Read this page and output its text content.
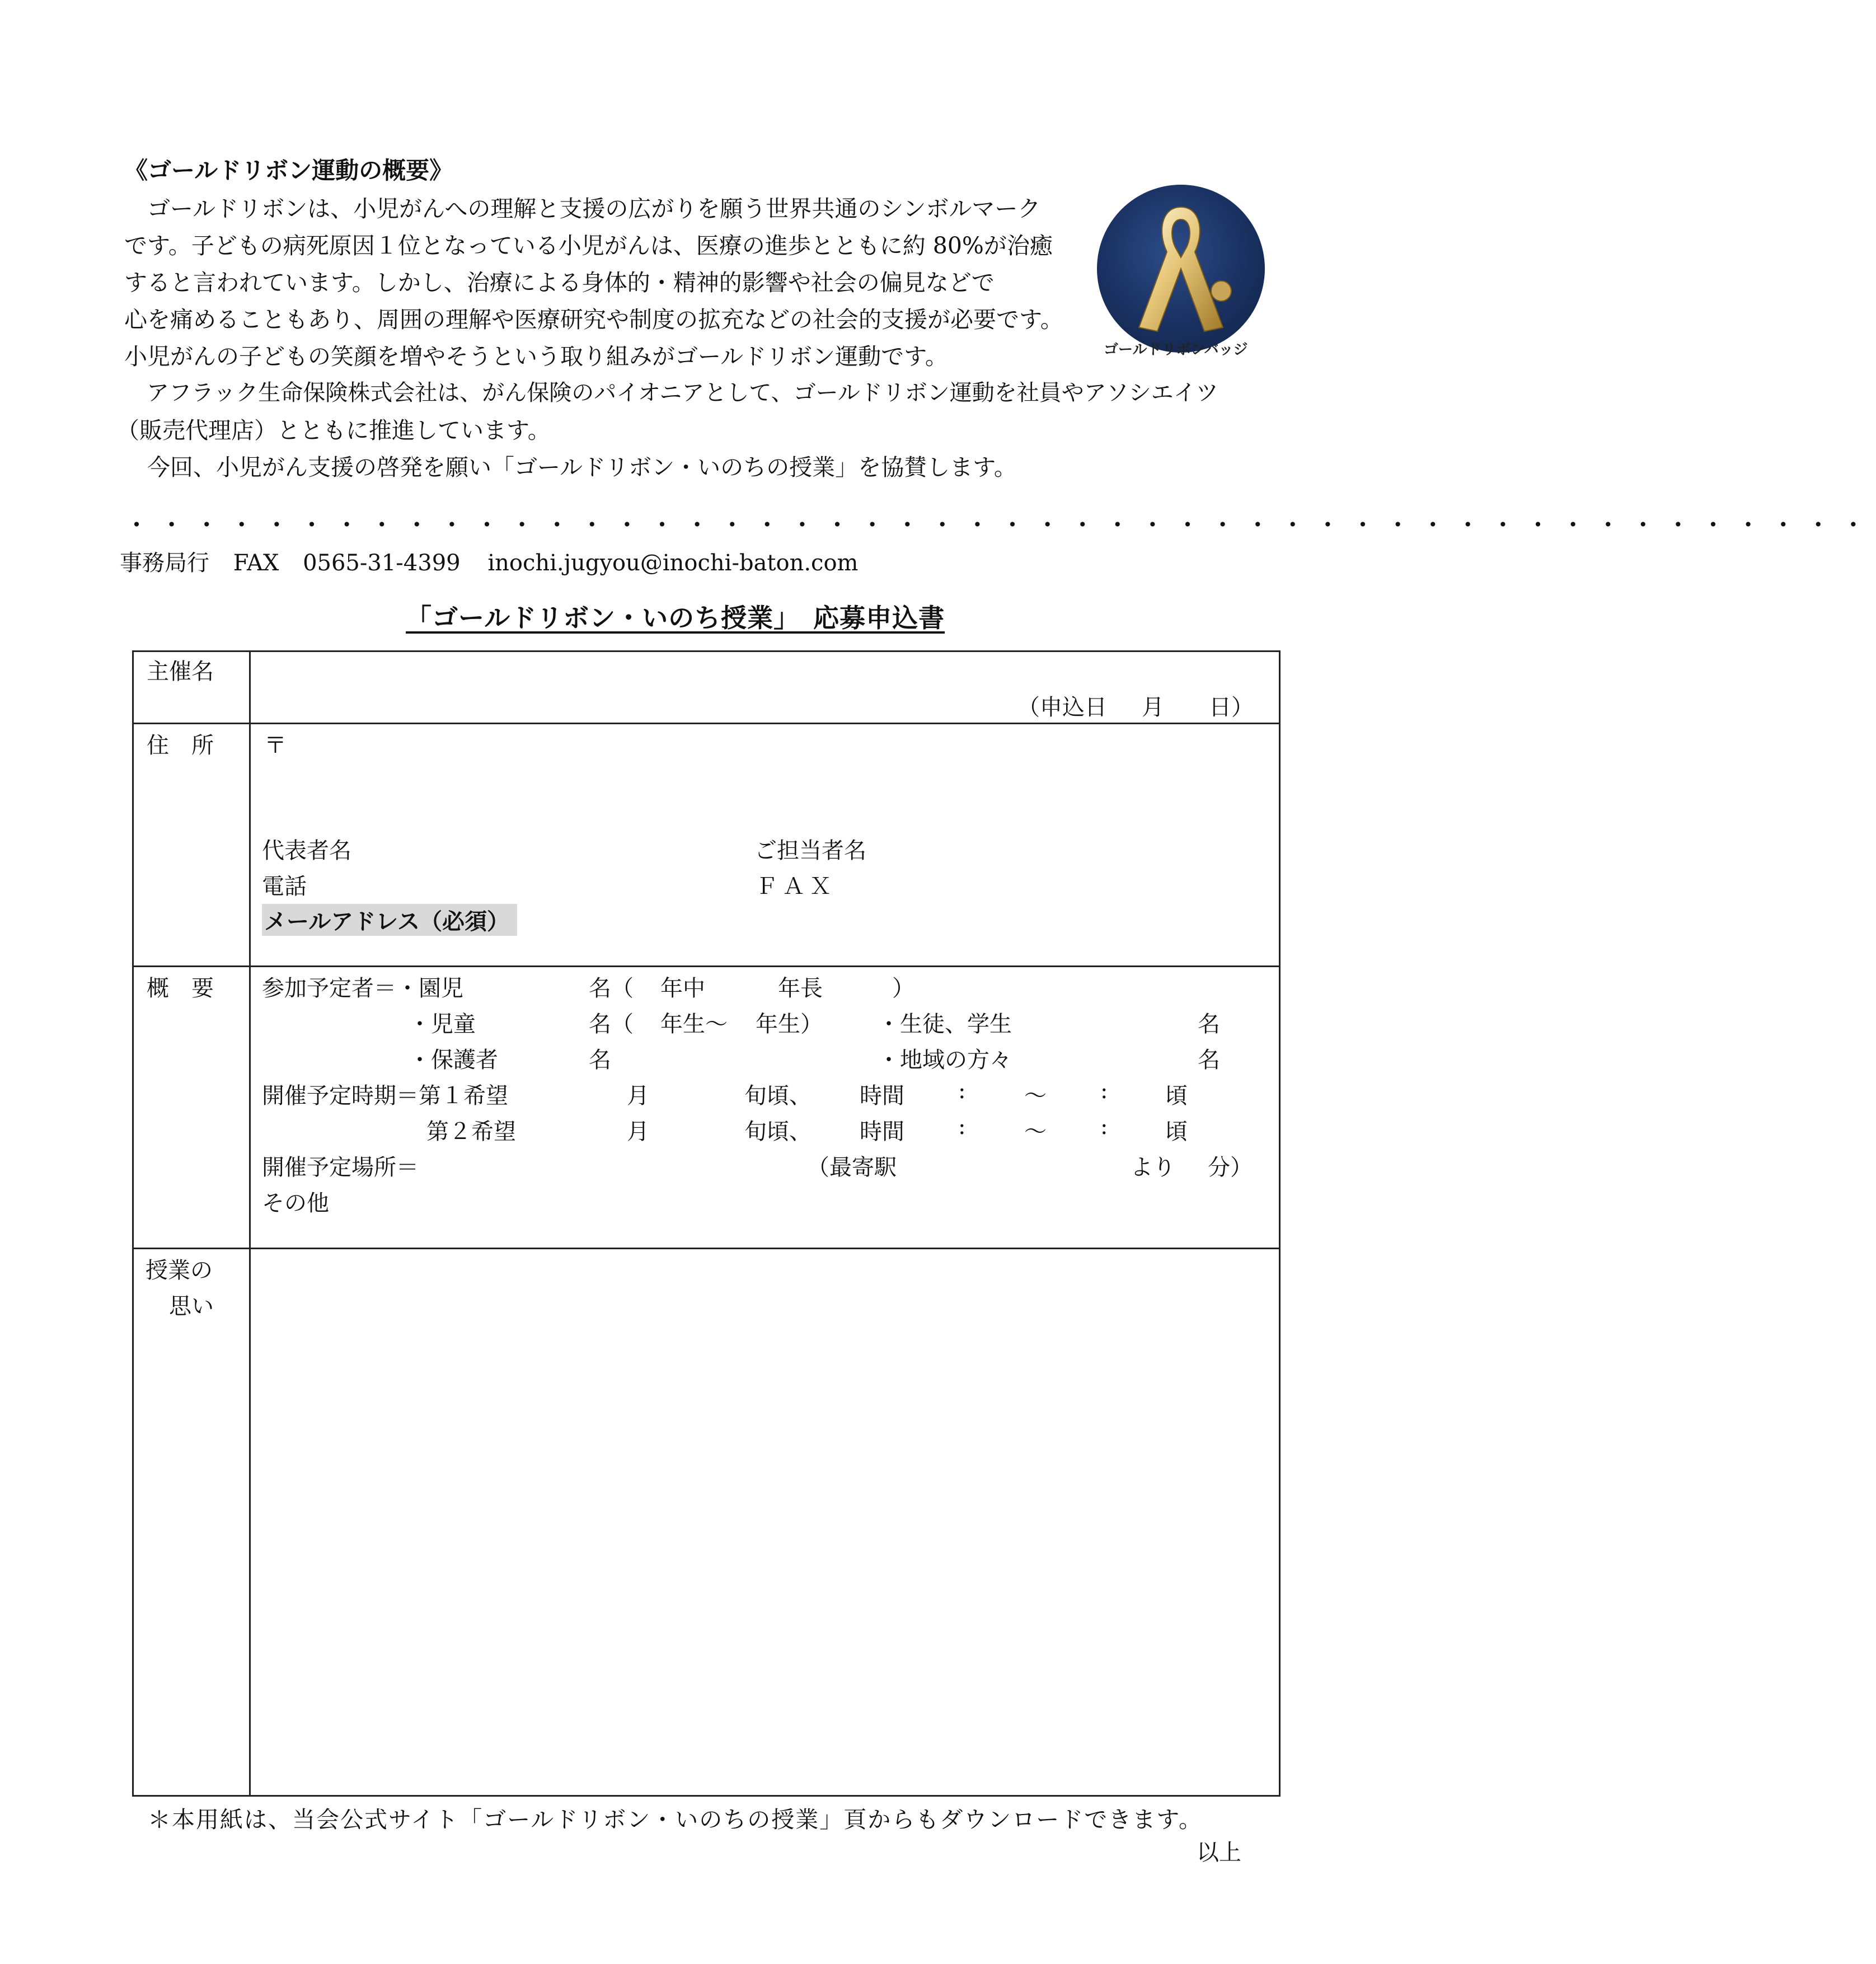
《ゴールドリボン運動の概要》
　ゴールドリボンは、小児がんへの理解と支援の広がりを願う世界共通のシンボルマーク
です。子どもの病死原因１位となっている小児がんは、医療の進歩とともに約 80%が治癒
すると言われています。しかし、治療による身体的・精神的影響や社会の偏見などで
心を痛めることもあり、周囲の理解や医療研究や制度の拡充などの社会的支援が必要です。
小児がんの子どもの笑顔を増やそうという取り組みがゴールドリボン運動です。
　アフラック生命保険株式会社は、がん保険のパイオニアとして、ゴールドリボン運動を社員やアソシエイツ
（販売代理店）とともに推進しています。
　今回、小児がん支援の啓発を願い「ゴールドリボン・いのちの授業」を協賛します。
ゴールドリボンバッジ
・・・・・・・・・・・・・・・・・・・・・・・・・・・・・・・・・・・・・・・・・・・・・・・・・・
事務局行 FAX 0565-31-4399 inochi.jugyou@inochi-baton.com
「ゴールドリボン・いのち授業」　応募申込書
主催名
（申込日 月 日）
住　所 〒
代表者名	ご担当者名
電話	ＦＡＸ
メールアドレス（必須）
概　要 参加予定者＝・園児	名（ 年中	年長	）
・児童	名（ 年生〜 年生） ・生徒、学生	名
・保護者	名	・地域の方々	名
開催予定時期＝第１希望	月	旬頃、 時間 :	〜 :	頃
第２希望	月	旬頃、 時間 :	〜 :	頃
開催予定場所＝	（最寄駅	より 分）
その他
授業の
思い
＊本用紙は、当会公式サイト「ゴールドリボン・いのちの授業」頁からもダウンロードできます。
以上
